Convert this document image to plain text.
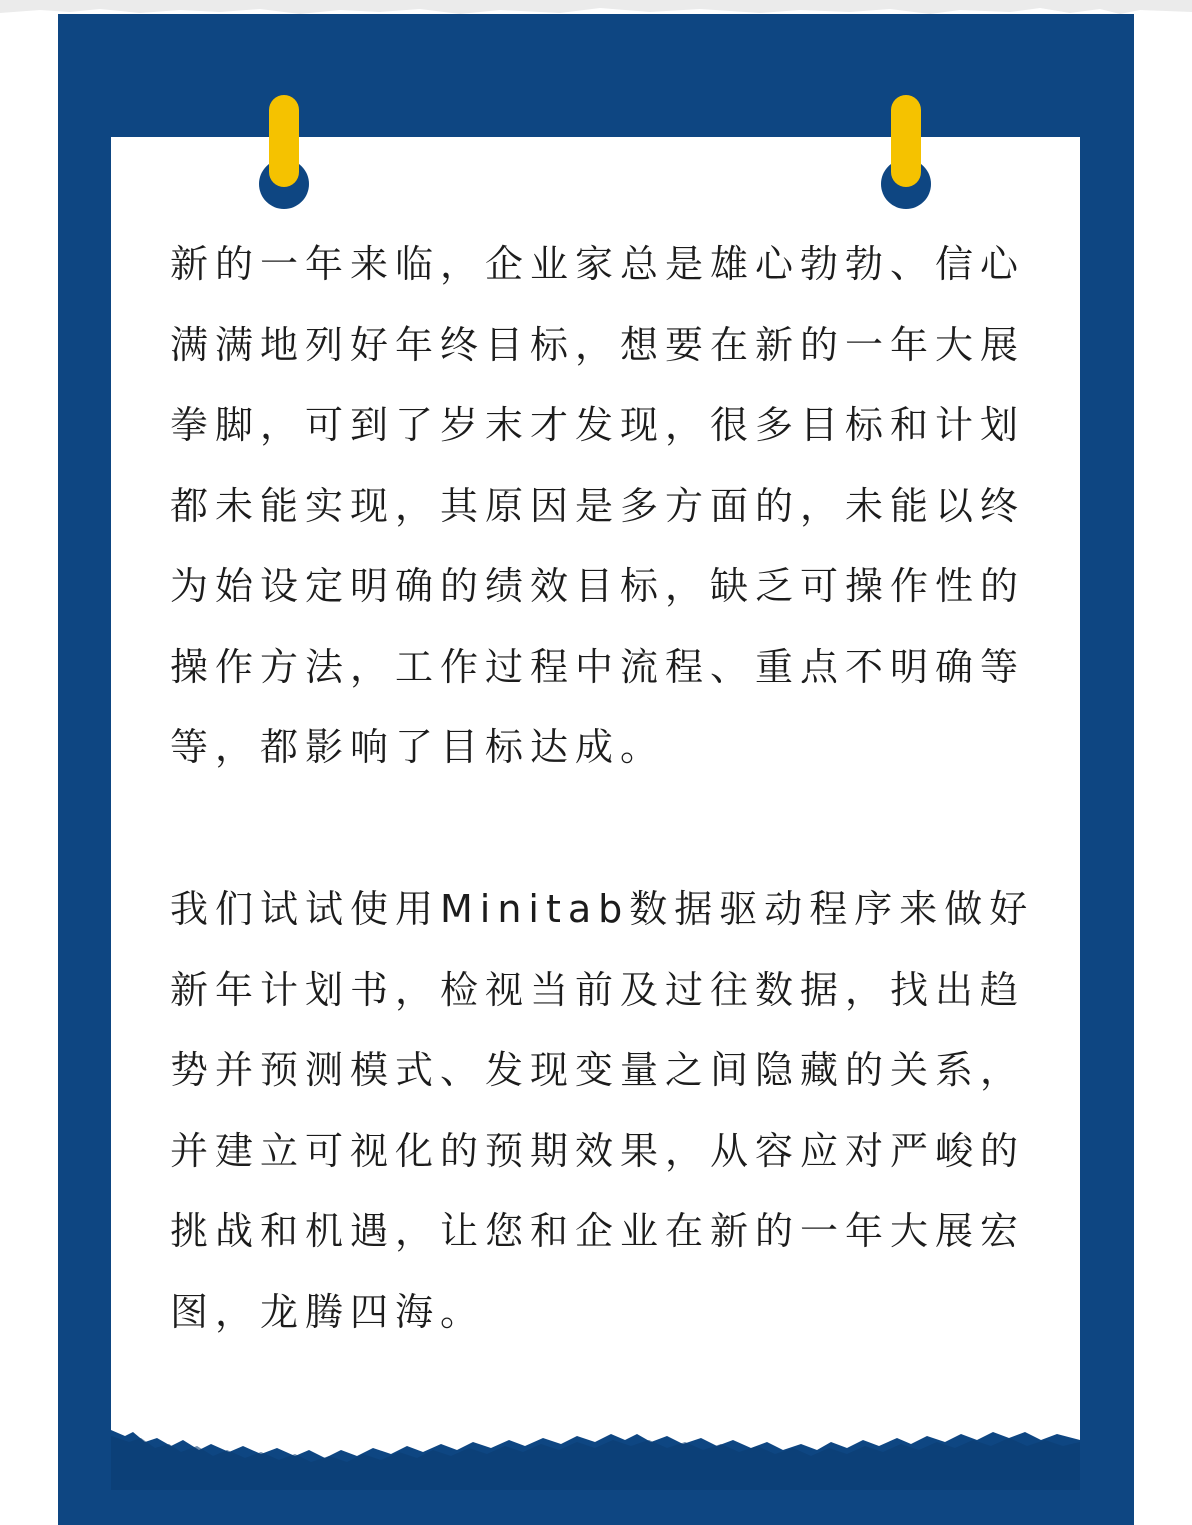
新的一年来临，企业家总是雄心勃勃、信心
满满地列好年终目标，想要在新的一年大展
拳脚，可到了岁末才发现，很多目标和计划
都未能实现，其原因是多方面的，未能以终
为始设定明确的绩效目标，缺乏可操作性的
操作方法，工作过程中流程、重点不明确等
等，都影响了目标达成。
我们试试使用Minitab数据驱动程序来做好
新年计划书，检视当前及过往数据，找出趋
势并预测模式、发现变量之间隐藏的关系，
并建立可视化的预期效果，从容应对严峻的
挑战和机遇，让您和企业在新的一年大展宏
图，龙腾四海。
